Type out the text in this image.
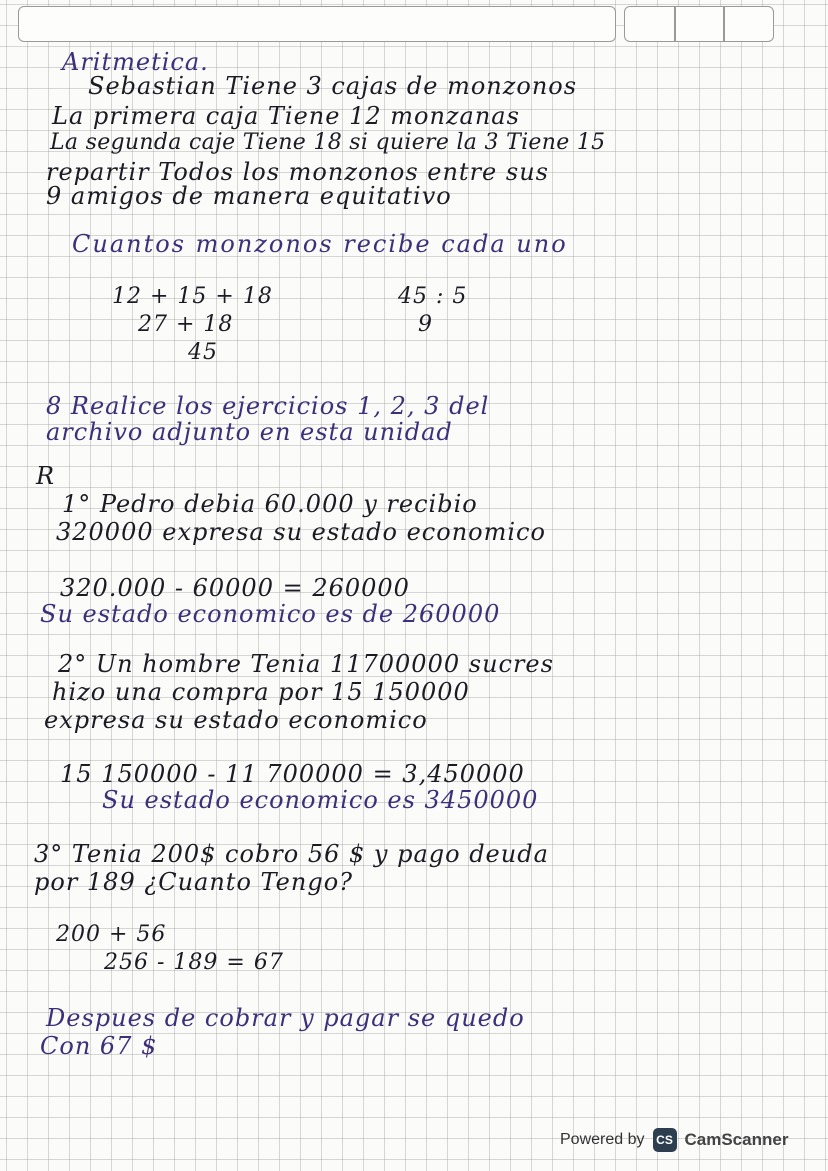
Aritmetica.
Sebastian Tiene 3 cajas de monzonos
La primera caja Tiene 12 monzanas
La segunda caje Tiene 18 si quiere la 3 Tiene 15
repartir Todos los monzonos entre sus
9 amigos de manera equitativo
Cuantos monzonos recibe cada uno
12 + 15 + 18
27 + 18
45
45 : 5
9
8 Realice los ejercicios 1, 2, 3 del
archivo adjunto en esta unidad
R
1° Pedro debia 60.000 y recibio
320000 expresa su estado economico
320.000 - 60000 = 260000
Su estado economico es de 260000
2° Un hombre Tenia 11700000 sucres
hizo una compra por 15 150000
expresa su estado economico
15 150000 - 11 700000 = 3,450000
Su estado economico es 3450000
3° Tenia 200$ cobro 56 $ y pago deuda
por 189 ¿Cuanto Tengo?
200 + 56
256 - 189 = 67
Despues de cobrar y pagar se quedo
Con 67 $
Powered by CS CamScanner
